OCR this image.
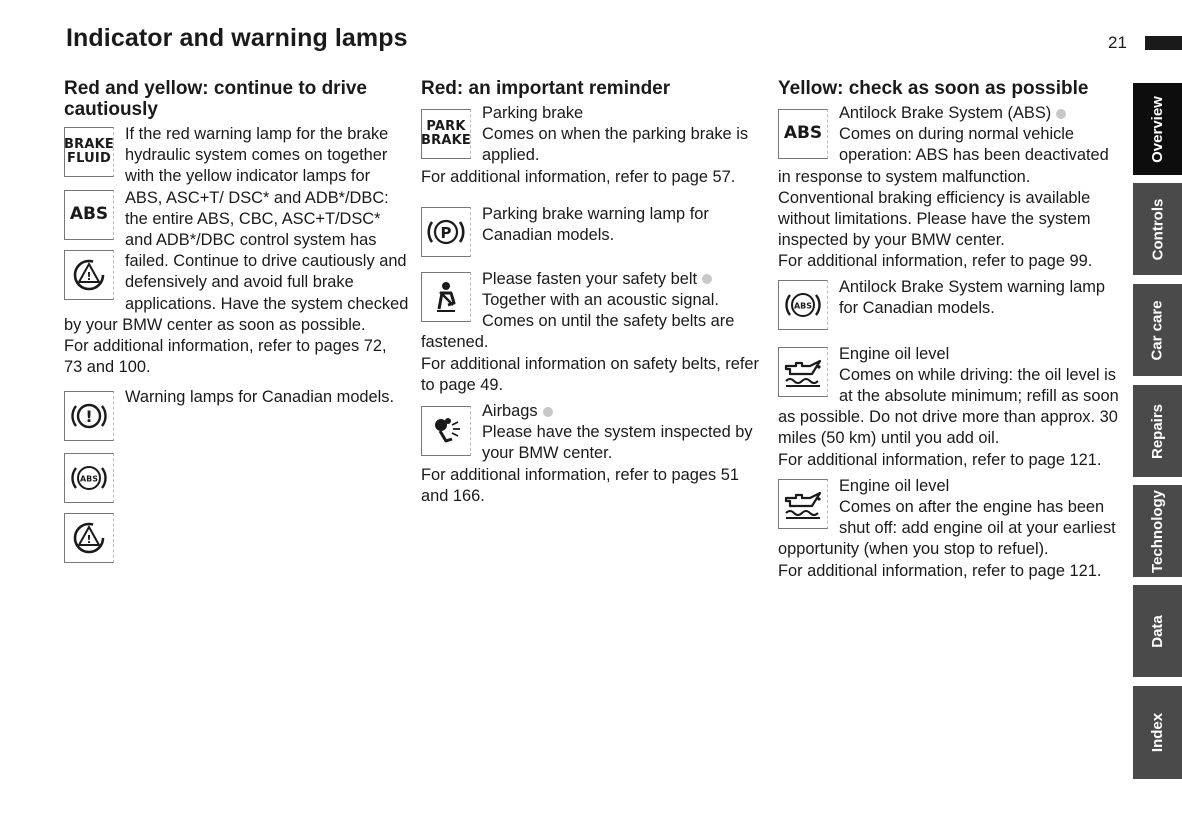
Indicator and warning lamps	21
Red and yellow: continue to drive cautiously
BRAKE
FLUID
ABS
!

If the red warning lamp for the brake hydraulic system comes on together with the yellow indicator lamps for ABS, ASC+T/ DSC* and ADB*/DBC: the entire ABS, CBC, ASC+T/DSC* and ADB*/DBC control system has failed. Continue to drive cautiously and defensively and avoid full brake applications. Have the system checked by your BMW center as soon as possible.

For additional information, refer to pages 72, 73 and 100.

!

Warning lamps for Canadian models.

ABS
!
Red: an important reminder
PARK
BRAKE

Parking brake

Comes on when the parking brake is applied.

For additional information, refer to page 57.

P

Parking brake warning lamp for Canadian models.

Please fasten your safety belt

Together with an acoustic signal. Comes on until the safety belts are fastened.

For additional information on safety belts, refer to page 49.

Airbags

Please have the system inspected by your BMW center.

For additional information, refer to pages 51 and 166.

Yellow: check as soon as possible
ABS

Antilock Brake System (ABS)

Comes on during normal vehicle operation: ABS has been deactivated in response to system malfunction. Conventional braking efficiency is available without limitations. Please have the system inspected by your BMW center.

For additional information, refer to page 99.

ABS

Antilock Brake System warning lamp for Canadian models.

Engine oil level

Comes on while driving: the oil level is at the absolute minimum; refill as soon as possible. Do not drive more than approx. 30 miles (50 km) until you add oil.

For additional information, refer to page 121.

Engine oil level

Comes on after the engine has been shut off: add engine oil at your earliest opportunity (when you stop to refuel).

For additional information, refer to page 121.

Overview
Controls
Car care
Repairs
Technology
Data
Index
